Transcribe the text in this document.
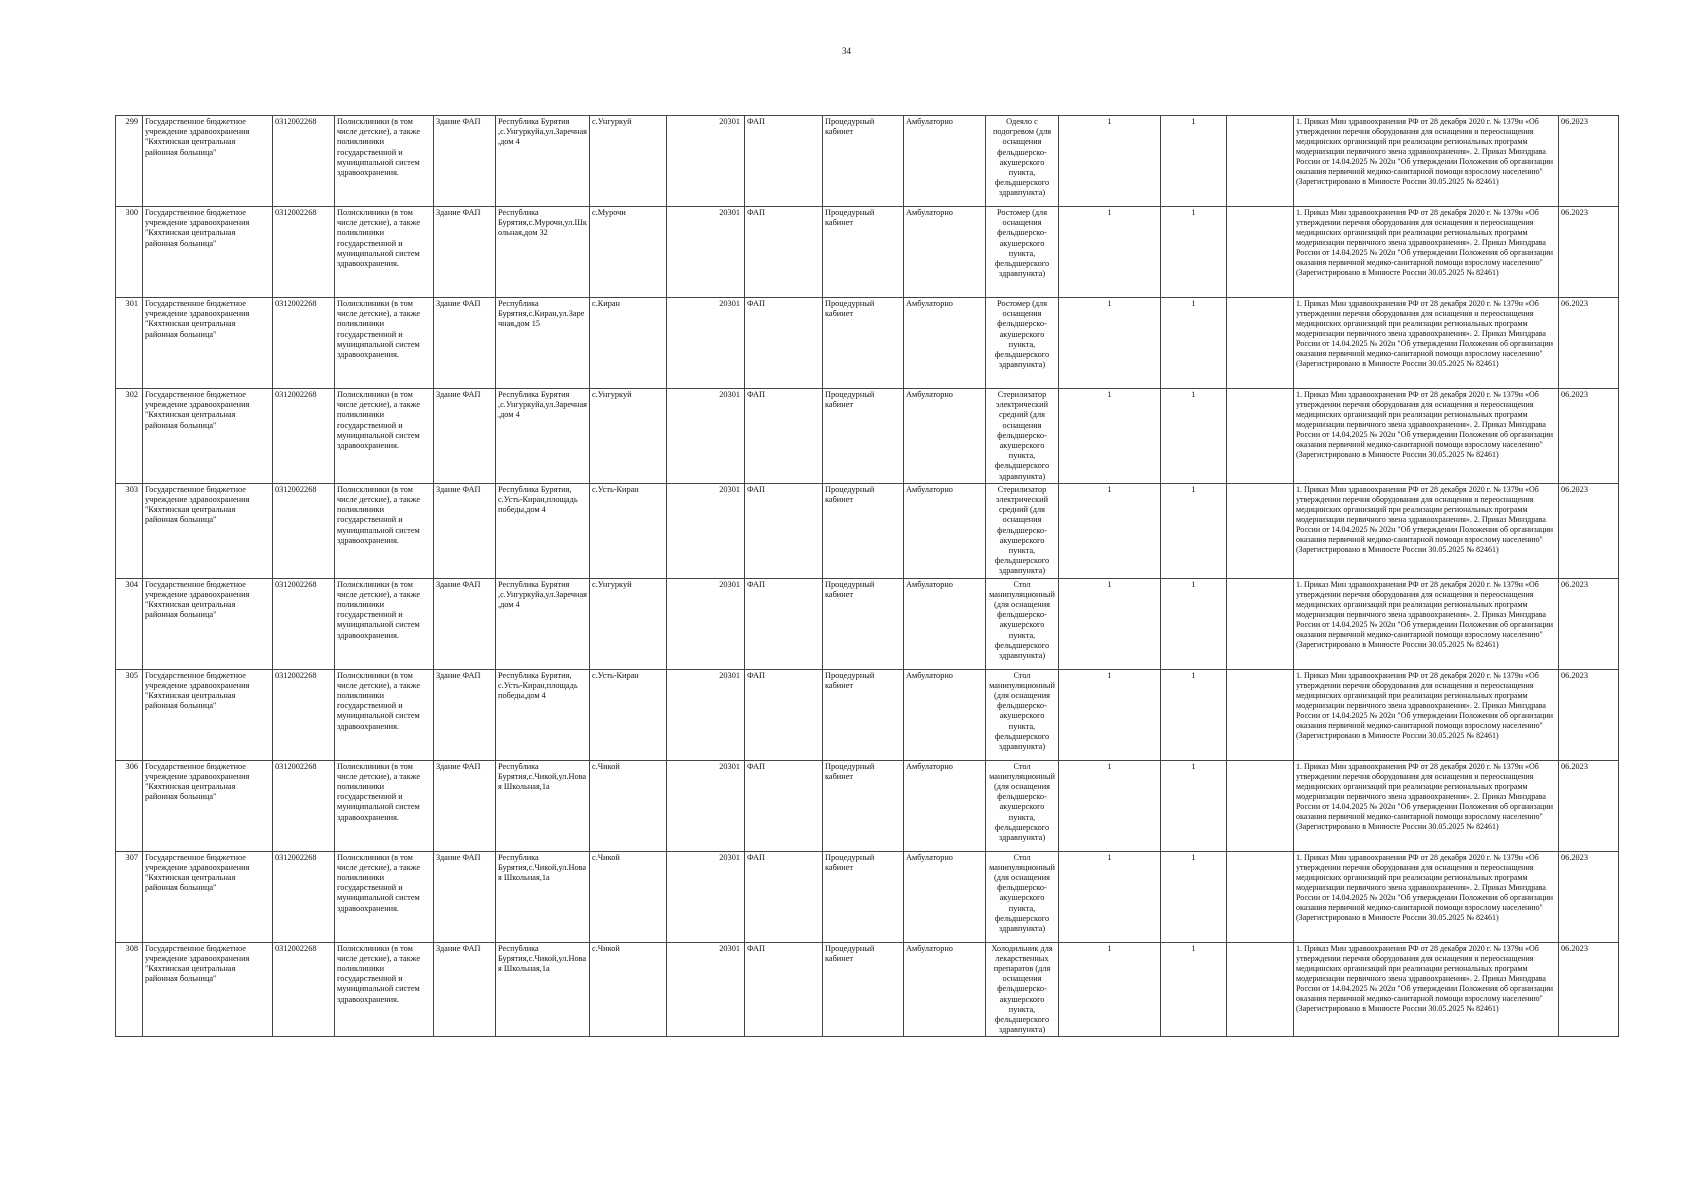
34
299	Государственное бюджетное учреждение здравоохранения "Кяхтинская центральная районная больница"	0312002268	Полисклиники (в том числе детские), а также поликлиники государственной и муниципальной систем здравоохранения.	Здание ФАП	Республика Бурятия ,с.Унгуркуйа,ул.Заречная ,дом 4	с.Унгуркуй	20301	ФАП	Процедурный кабинет	Амбулаторно	Одеяло с подогревом (для оснащения фельдшерско-акушерского пункта, фельдшерского здравпункта)	1	1		1. Приказ Мин здравоохранения РФ от 28 декабря 2020 г. № 1379н «Об утверждении перечня оборудования для оснащения и переоснащения медицинских организаций при реализации региональных программ модернизации первичного звена здравоохранения». 2. Приказ Минздрава России от 14.04.2025 № 202н "Об утверждении Положения об организации оказания первичной медико-санитарной помощи взрослому населению" (Зарегистрировано в Минюсте России 30.05.2025 № 82461)	06.2023
300	Государственное бюджетное учреждение здравоохранения "Кяхтинская центральная районная больница"	0312002268	Полисклиники (в том числе детские), а также поликлиники государственной и муниципальной систем здравоохранения.	Здание ФАП	Республика Бурятия,с.Мурочи,ул.Школьная,дом 32	с.Мурочи	20301	ФАП	Процедурный кабинет	Амбулаторно	Ростомер (для оснащения фельдшерско-акушерского пункта, фельдшерского здравпункта)	1	1		1. Приказ Мин здравоохранения РФ от 28 декабря 2020 г. № 1379н «Об утверждении перечня оборудования для оснащения и переоснащения медицинских организаций при реализации региональных программ модернизации первичного звена здравоохранения». 2. Приказ Минздрава России от 14.04.2025 № 202н "Об утверждении Положения об организации оказания первичной медико-санитарной помощи взрослому населению" (Зарегистрировано в Минюсте России 30.05.2025 № 82461)	06.2023
301	Государственное бюджетное учреждение здравоохранения "Кяхтинская центральная районная больница"	0312002268	Полисклиники (в том числе детские), а также поликлиники государственной и муниципальной систем здравоохранения.	Здание ФАП	Республика Бурятия,с.Киран,ул.Заречная,дом 15	с.Киран	20301	ФАП	Процедурный кабинет	Амбулаторно	Ростомер (для оснащения фельдшерско-акушерского пункта, фельдшерского здравпункта)	1	1		1. Приказ Мин здравоохранения РФ от 28 декабря 2020 г. № 1379н «Об утверждении перечня оборудования для оснащения и переоснащения медицинских организаций при реализации региональных программ модернизации первичного звена здравоохранения». 2. Приказ Минздрава России от 14.04.2025 № 202н "Об утверждении Положения об организации оказания первичной медико-санитарной помощи взрослому населению" (Зарегистрировано в Минюсте России 30.05.2025 № 82461)	06.2023
302	Государственное бюджетное учреждение здравоохранения "Кяхтинская центральная районная больница"	0312002268	Полисклиники (в том числе детские), а также поликлиники государственной и муниципальной систем здравоохранения.	Здание ФАП	Республика Бурятия ,с.Унгуркуйа,ул.Заречная ,дом 4	с.Унгуркуй	20301	ФАП	Процедурный кабинет	Амбулаторно	Стерилизатор электрический средний (для оснащения фельдшерско-акушерского пункта, фельдшерского здравпункта)	1	1		1. Приказ Мин здравоохранения РФ от 28 декабря 2020 г. № 1379н «Об утверждении перечня оборудования для оснащения и переоснащения медицинских организаций при реализации региональных программ модернизации первичного звена здравоохранения». 2. Приказ Минздрава России от 14.04.2025 № 202н "Об утверждении Положения об организации оказания первичной медико-санитарной помощи взрослому населению" (Зарегистрировано в Минюсте России 30.05.2025 № 82461)	06.2023
303	Государственное бюджетное учреждение здравоохранения "Кяхтинская центральная районная больница"	0312002268	Полисклиники (в том числе детские), а также поликлиники государственной и муниципальной систем здравоохранения.	Здание ФАП	Республика Бурятия, с.Усть-Киран,площадь победы,дом 4	с.Усть-Киран	20301	ФАП	Процедурный кабинет	Амбулаторно	Стерилизатор электрический средний (для оснащения фельдшерско-акушерского пункта, фельдшерского здравпункта)	1	1		1. Приказ Мин здравоохранения РФ от 28 декабря 2020 г. № 1379н «Об утверждении перечня оборудования для оснащения и переоснащения медицинских организаций при реализации региональных программ модернизации первичного звена здравоохранения». 2. Приказ Минздрава России от 14.04.2025 № 202н "Об утверждении Положения об организации оказания первичной медико-санитарной помощи взрослому населению" (Зарегистрировано в Минюсте России 30.05.2025 № 82461)	06.2023
304	Государственное бюджетное учреждение здравоохранения "Кяхтинская центральная районная больница"	0312002268	Полисклиники (в том числе детские), а также поликлиники государственной и муниципальной систем здравоохранения.	Здание ФАП	Республика Бурятия ,с.Унгуркуйа,ул.Заречная ,дом 4	с.Унгуркуй	20301	ФАП	Процедурный кабинет	Амбулаторно	Стол манипуляционный (для оснащения фельдшерско-акушерского пункта, фельдшерского здравпункта)	1	1		1. Приказ Мин здравоохранения РФ от 28 декабря 2020 г. № 1379н «Об утверждении перечня оборудования для оснащения и переоснащения медицинских организаций при реализации региональных программ модернизации первичного звена здравоохранения». 2. Приказ Минздрава России от 14.04.2025 № 202н "Об утверждении Положения об организации оказания первичной медико-санитарной помощи взрослому населению" (Зарегистрировано в Минюсте России 30.05.2025 № 82461)	06.2023
305	Государственное бюджетное учреждение здравоохранения "Кяхтинская центральная районная больница"	0312002268	Полисклиники (в том числе детские), а также поликлиники государственной и муниципальной систем здравоохранения.	Здание ФАП	Республика Бурятия, с.Усть-Киран,площадь победы,дом 4	с.Усть-Киран	20301	ФАП	Процедурный кабинет	Амбулаторно	Стол манипуляционный (для оснащения фельдшерско-акушерского пункта, фельдшерского здравпункта)	1	1		1. Приказ Мин здравоохранения РФ от 28 декабря 2020 г. № 1379н «Об утверждении перечня оборудования для оснащения и переоснащения медицинских организаций при реализации региональных программ модернизации первичного звена здравоохранения». 2. Приказ Минздрава России от 14.04.2025 № 202н "Об утверждении Положения об организации оказания первичной медико-санитарной помощи взрослому населению" (Зарегистрировано в Минюсте России 30.05.2025 № 82461)	06.2023
306	Государственное бюджетное учреждение здравоохранения "Кяхтинская центральная районная больница"	0312002268	Полисклиники (в том числе детские), а также поликлиники государственной и муниципальной систем здравоохранения.	Здание ФАП	Республика Бурятия,с.Чикой,ул.Новая Школьная,1а	с.Чикой	20301	ФАП	Процедурный кабинет	Амбулаторно	Стол манипуляционный (для оснащения фельдшерско-акушерского пункта, фельдшерского здравпункта)	1	1		1. Приказ Мин здравоохранения РФ от 28 декабря 2020 г. № 1379н «Об утверждении перечня оборудования для оснащения и переоснащения медицинских организаций при реализации региональных программ модернизации первичного звена здравоохранения». 2. Приказ Минздрава России от 14.04.2025 № 202н "Об утверждении Положения об организации оказания первичной медико-санитарной помощи взрослому населению" (Зарегистрировано в Минюсте России 30.05.2025 № 82461)	06.2023
307	Государственное бюджетное учреждение здравоохранения "Кяхтинская центральная районная больница"	0312002268	Полисклиники (в том числе детские), а также поликлиники государственной и муниципальной систем здравоохранения.	Здание ФАП	Республика Бурятия,с.Чикой,ул.Новая Школьная,1а	с.Чикой	20301	ФАП	Процедурный кабинет	Амбулаторно	Стол манипуляционный (для оснащения фельдшерско-акушерского пункта, фельдшерского здравпункта)	1	1		1. Приказ Мин здравоохранения РФ от 28 декабря 2020 г. № 1379н «Об утверждении перечня оборудования для оснащения и переоснащения медицинских организаций при реализации региональных программ модернизации первичного звена здравоохранения». 2. Приказ Минздрава России от 14.04.2025 № 202н "Об утверждении Положения об организации оказания первичной медико-санитарной помощи взрослому населению" (Зарегистрировано в Минюсте России 30.05.2025 № 82461)	06.2023
308	Государственное бюджетное учреждение здравоохранения "Кяхтинская центральная районная больница"	0312002268	Полисклиники (в том числе детские), а также поликлиники государственной и муниципальной систем здравоохранения.	Здание ФАП	Республика Бурятия,с.Чикой,ул.Новая Школьная,1а	с.Чикой	20301	ФАП	Процедурный кабинет	Амбулаторно	Холодильник для лекарственных препаратов (для оснащения фельдшерско-акушерского пункта, фельдшерского здравпункта)	1	1		1. Приказ Мин здравоохранения РФ от 28 декабря 2020 г. № 1379н «Об утверждении перечня оборудования для оснащения и переоснащения медицинских организаций при реализации региональных программ модернизации первичного звена здравоохранения». 2. Приказ Минздрава России от 14.04.2025 № 202н "Об утверждении Положения об организации оказания первичной медико-санитарной помощи взрослому населению" (Зарегистрировано в Минюсте России 30.05.2025 № 82461)	06.2023
